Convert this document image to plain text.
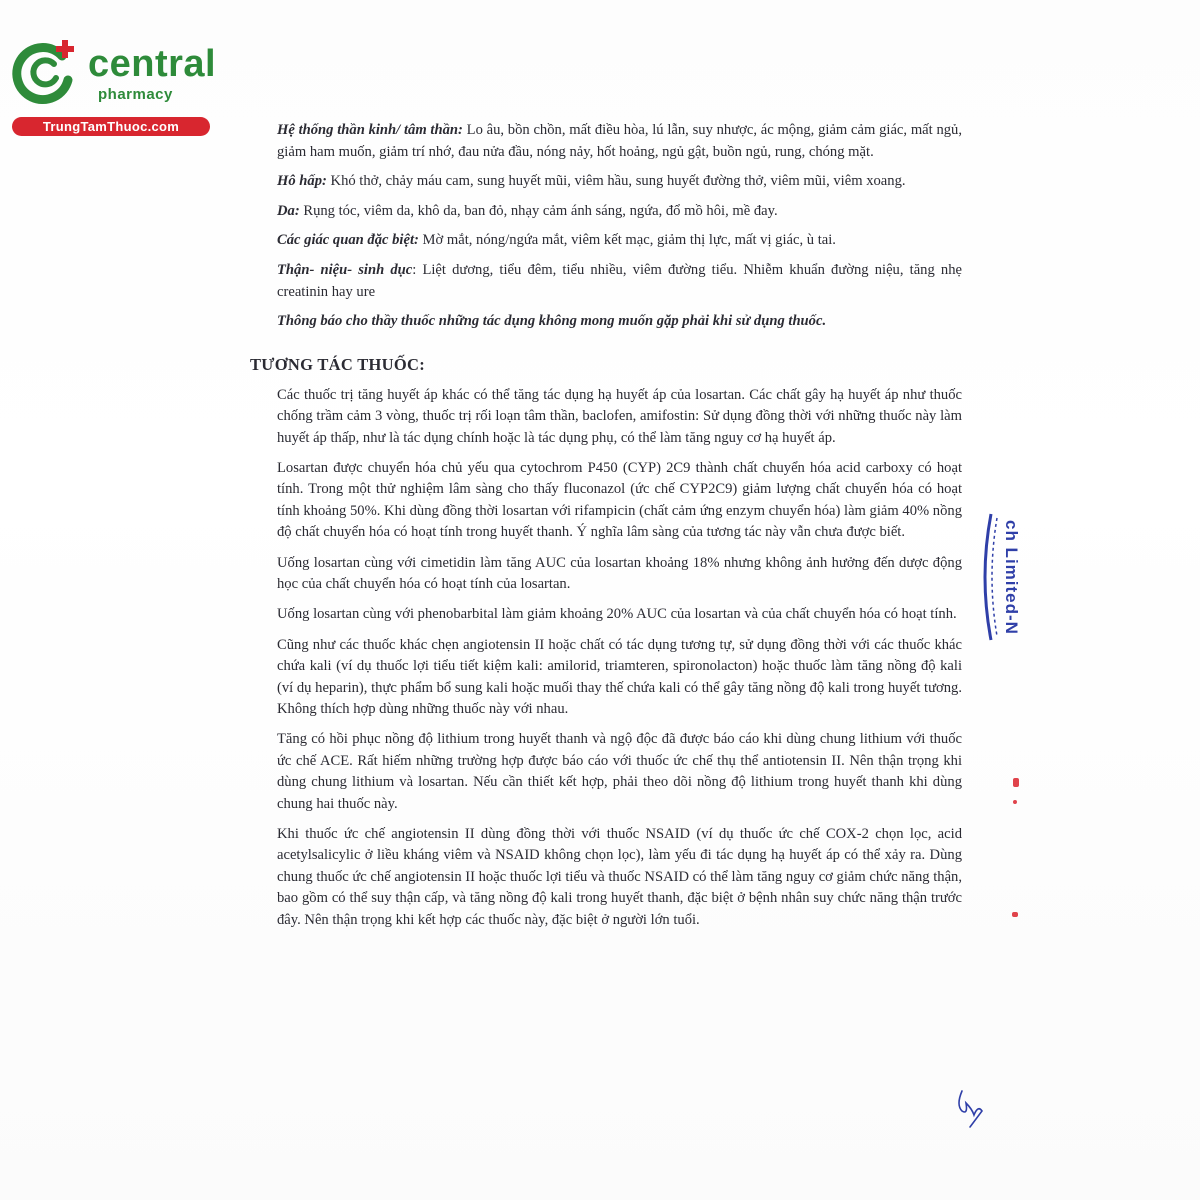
central
pharmacy
TrungTamThuoc.com	Hệ thống thần kinh/ tâm thần: Lo âu, bồn chồn, mất điều hòa, lú lẫn, suy nhược, ác mộng, giảm cảm giác, mất ngủ, giảm ham muốn, giảm trí nhớ, đau nửa đầu, nóng nảy, hốt hoảng, ngủ gật, buồn ngủ, rung, chóng mặt.

Hô hấp: Khó thở, chảy máu cam, sung huyết mũi, viêm hầu, sung huyết đường thở, viêm mũi, viêm xoang.

Da: Rụng tóc, viêm da, khô da, ban đỏ, nhạy cảm ánh sáng, ngứa, đổ mồ hôi, mề đay.

Các giác quan đặc biệt: Mờ mắt, nóng/ngứa mắt, viêm kết mạc, giảm thị lực, mất vị giác, ù tai.

Thận- niệu- sinh dục: Liệt dương, tiểu đêm, tiểu nhiều, viêm đường tiểu. Nhiễm khuẩn đường niệu, tăng nhẹ creatinin hay ure

Thông báo cho thầy thuốc những tác dụng không mong muốn gặp phải khi sử dụng thuốc.

TƯƠNG TÁC THUỐC:

Các thuốc trị tăng huyết áp khác có thể tăng tác dụng hạ huyết áp của losartan. Các chất gây hạ huyết áp như thuốc chống trầm cảm 3 vòng, thuốc trị rối loạn tâm thần, baclofen, amifostin: Sử dụng đồng thời với những thuốc này làm huyết áp thấp, như là tác dụng chính hoặc là tác dụng phụ, có thể làm tăng nguy cơ hạ huyết áp.

Losartan được chuyển hóa chủ yếu qua cytochrom P450 (CYP) 2C9 thành chất chuyển hóa acid carboxy có hoạt tính. Trong một thử nghiệm lâm sàng cho thấy fluconazol (ức chế CYP2C9) giảm lượng chất chuyển hóa có hoạt tính khoảng 50%. Khi dùng đồng thời losartan với rifampicin (chất cảm ứng enzym chuyển hóa) làm giảm 40% nồng độ chất chuyển hóa có hoạt tính trong huyết thanh. Ý nghĩa lâm sàng của tương tác này vẫn chưa được biết.

Uống losartan cùng với cimetidin làm tăng AUC của losartan khoảng 18% nhưng không ảnh hưởng đến dược động học của chất chuyển hóa có hoạt tính của losartan.

Uống losartan cùng với phenobarbital làm giảm khoảng 20% AUC của losartan và của chất chuyển hóa có hoạt tính.

Cũng như các thuốc khác chẹn angiotensin II hoặc chất có tác dụng tương tự, sử dụng đồng thời với các thuốc khác chứa kali (ví dụ thuốc lợi tiểu tiết kiệm kali: amilorid, triamteren, spironolacton) hoặc thuốc làm tăng nồng độ kali (ví dụ heparin), thực phẩm bổ sung kali hoặc muối thay thế chứa kali có thể gây tăng nồng độ kali trong huyết tương. Không thích hợp dùng những thuốc này với nhau.

Tăng có hồi phục nồng độ lithium trong huyết thanh và ngộ độc đã được báo cáo khi dùng chung lithium với thuốc ức chế ACE. Rất hiếm những trường hợp được báo cáo với thuốc ức chế thụ thể antiotensin II. Nên thận trọng khi dùng chung lithium và losartan. Nếu cần thiết kết hợp, phải theo dõi nồng độ lithium trong huyết thanh khi dùng chung hai thuốc này.

Khi thuốc ức chế angiotensin II dùng đồng thời với thuốc NSAID (ví dụ thuốc ức chế COX-2 chọn lọc, acid acetylsalicylic ở liều kháng viêm và NSAID không chọn lọc), làm yếu đi tác dụng hạ huyết áp có thể xảy ra. Dùng chung thuốc ức chế angiotensin II hoặc thuốc lợi tiểu và thuốc NSAID có thể làm tăng nguy cơ giảm chức năng thận, bao gồm có thể suy thận cấp, và tăng nồng độ kali trong huyết thanh, đặc biệt ở bệnh nhân suy chức năng thận trước đây. Nên thận trọng khi kết hợp các thuốc này, đặc biệt ở người lớn tuổi.

ch Limited-N
